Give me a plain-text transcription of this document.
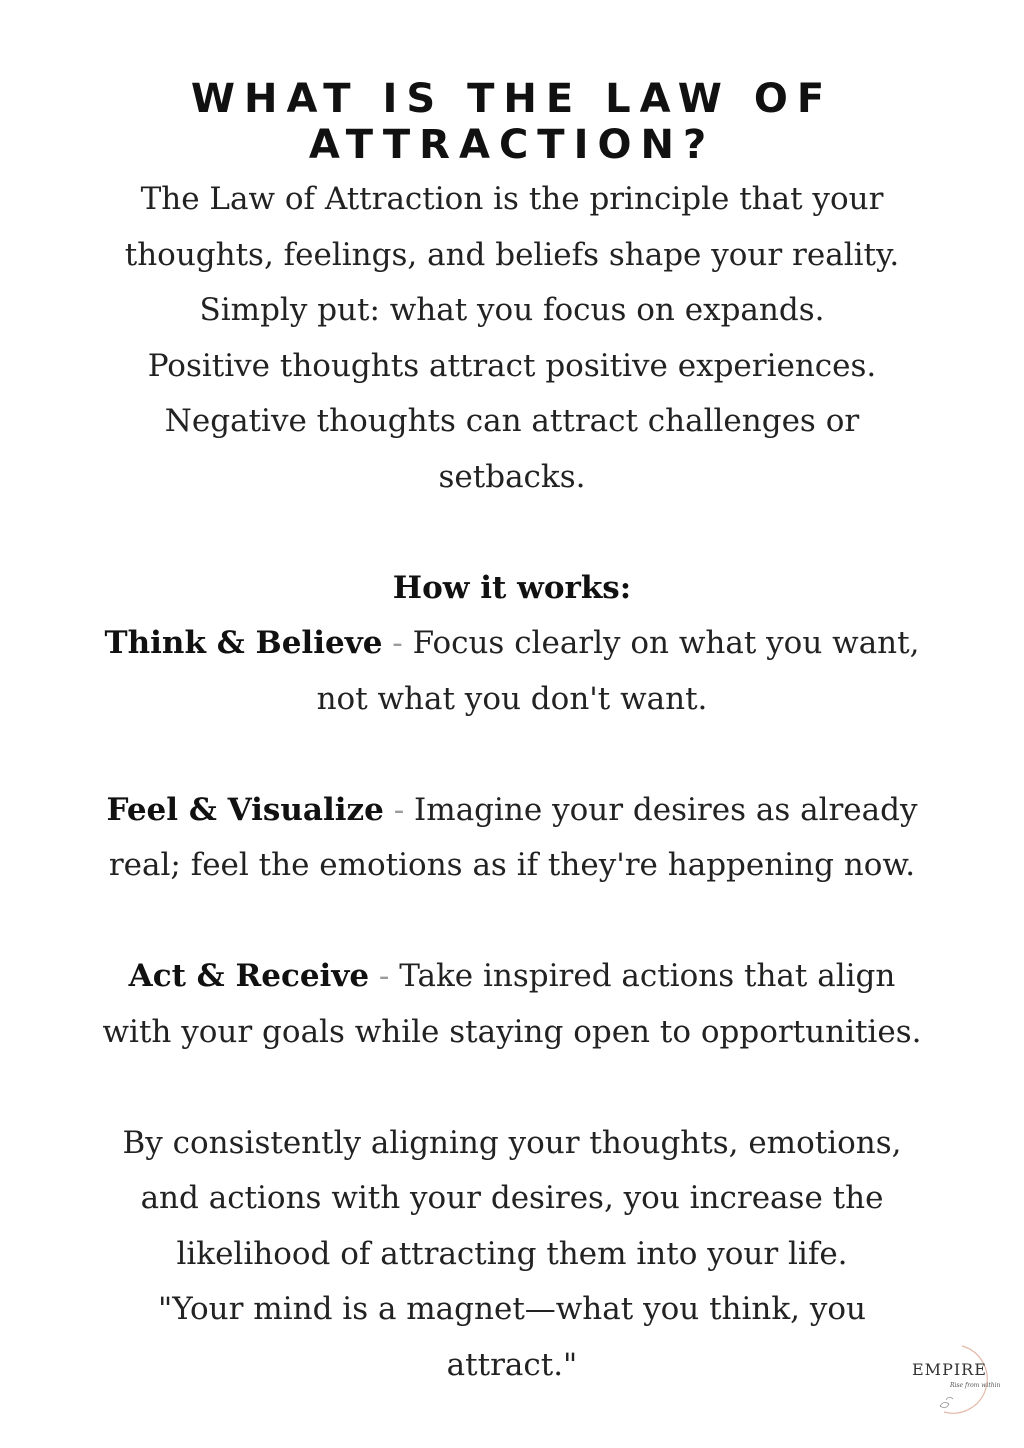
WHAT IS THE LAW OF ATTRACTION?

The Law of Attraction is the principle that your

thoughts, feelings, and beliefs shape your reality.

Simply put: what you focus on expands.

Positive thoughts attract positive experiences.

Negative thoughts can attract challenges or

setbacks.

How it works:

Think & Believe - Focus clearly on what you want,

not what you don't want.

Feel & Visualize - Imagine your desires as already

real; feel the emotions as if they're happening now.

Act & Receive - Take inspired actions that align

with your goals while staying open to opportunities.

By consistently aligning your thoughts, emotions,

and actions with your desires, you increase the

likelihood of attracting them into your life.

"Your mind is a magnet—what you think, you

attract."	EMPIRE
Rise from within
